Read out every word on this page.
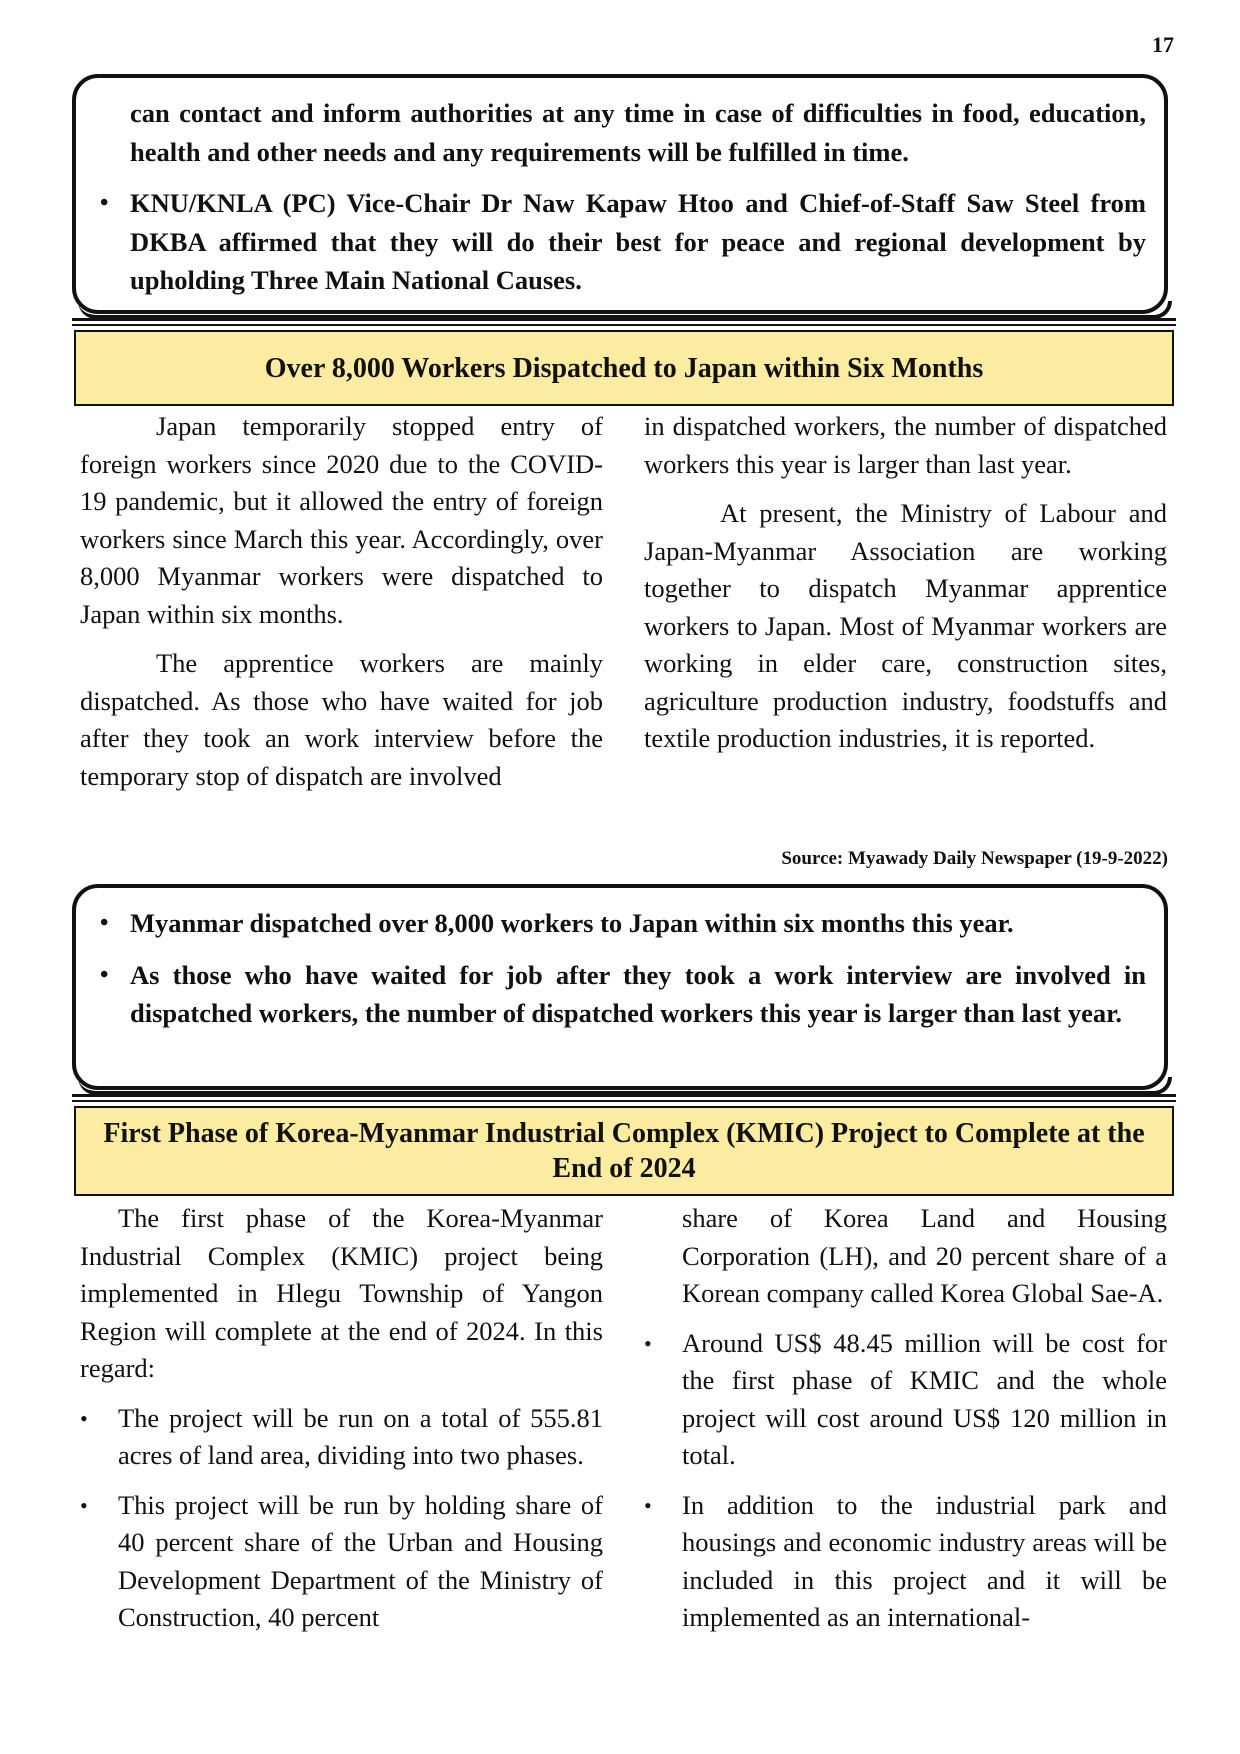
17

can contact and inform authorities at any time in case of difficulties in food, education, health and other needs and any requirements will be fulfilled in time.

• KNU/KNLA (PC) Vice-Chair Dr Naw Kapaw Htoo and Chief-of-Staff Saw Steel from DKBA affirmed that they will do their best for peace and regional development by upholding Three Main National Causes.
Over 8,000 Workers Dispatched to Japan within Six Months

Japan temporarily stopped entry of foreign workers since 2020 due to the COVID-19 pandemic, but it allowed the entry of foreign workers since March this year. Accordingly, over 8,000 Myanmar workers were dispatched to Japan within six months.

The apprentice workers are mainly dispatched. As those who have waited for job after they took an work interview before the temporary stop of dispatch are involved

in dispatched workers, the number of dispatched workers this year is larger than last year.

At present, the Ministry of Labour and Japan-Myanmar Association are working together to dispatch Myanmar apprentice workers to Japan. Most of Myanmar workers are working in elder care, construction sites, agriculture production industry, foodstuffs and textile production industries, it is reported.

Source: Myawady Daily Newspaper (19-9-2022)
• Myanmar dispatched over 8,000 workers to Japan within six months this year.
• As those who have waited for job after they took a work interview are involved in dispatched workers, the number of dispatched workers this year is larger than last year.
First Phase of Korea-Myanmar Industrial Complex (KMIC) Project to Complete at the End of 2024

The first phase of the Korea-Myanmar Industrial Complex (KMIC) project being implemented in Hlegu Township of Yangon Region will complete at the end of 2024. In this regard:

• The project will be run on a total of 555.81 acres of land area, dividing into two phases.
• This project will be run by holding share of 40 percent share of the Urban and Housing Development Department of the Ministry of Construction, 40 percent

share of Korea Land and Housing Corporation (LH), and 20 percent share of a Korean company called Korea Global Sae-A.

• Around US$ 48.45 million will be cost for the first phase of KMIC and the whole project will cost around US$ 120 million in total.
• In addition to the industrial park and housings and economic industry areas will be included in this project and it will be implemented as an international-
